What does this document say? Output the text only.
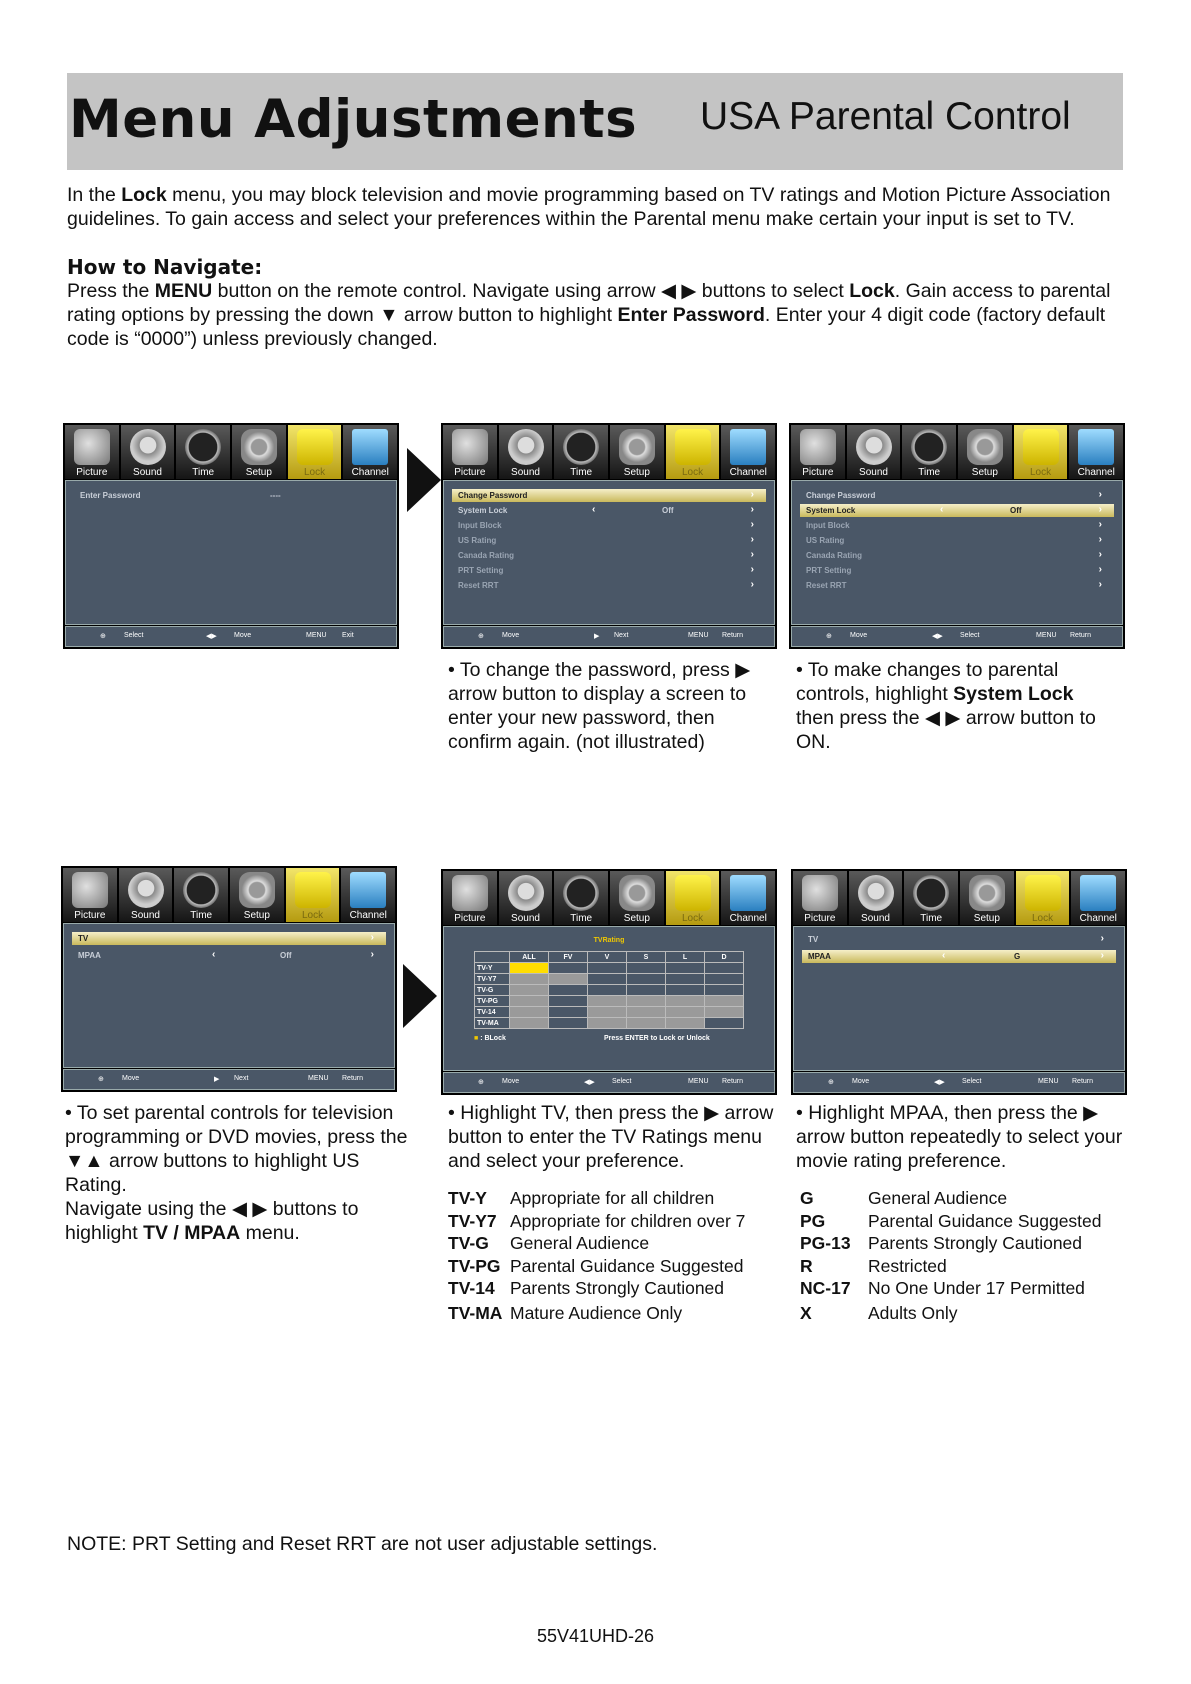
Menu Adjustments USA Parental Control
In the Lock menu, you may block television and movie programming based on TV ratings and Motion Picture Association guidelines. To gain access and select your preferences within the Parental menu make certain your input is set to TV.
How to Navigate:
Press the MENU button on the remote control. Navigate using arrow ◀ ▶ buttons to select Lock. Gain access to parental rating options by pressing the down ▼ arrow button to highlight Enter Password. Enter your 4 digit code (factory default code is “0000”) unless previously changed.
Picture	Sound	Time	Setup	Lock	Channel
Enter Password	----
⊕	Select	◀▶ Move	MENU Exit
Picture	Sound	Time	Setup	Lock	Channel
Change Password	›
System Lock	‹	Off	›
Input Block	›
US Rating	›
Canada Rating	›
PRT Setting	›
Reset RRT	›
⊕	Move	▶ Next	MENU Return
Picture	Sound	Time	Setup	Lock	Channel
Change Password	›
System Lock	‹	Off	›
Input Block	›
US Rating	›
Canada Rating	›
PRT Setting	›
Reset RRT	›
⊕	Move	◀▶ Select	MENU Return
• To change the password, press ▶ arrow button to display a screen to enter your new password, then confirm again. (not illustrated)
• To make changes to parental controls, highlight System Lock then press the ◀ ▶ arrow button to ON.
Picture	Sound	Time	Setup	Lock	Channel
TV	›
MPAA	‹	Off	›
⊕	Move	▶ Next	MENU Return
Picture	Sound	Time	Setup	Lock	Channel
TVRating
	ALL	FV	V	S	L	D
TV-Y						
TV-Y7						
TV-G						
TV-PG						
TV-14						
TV-MA						
■ : BLock	Press ENTER to Lock or Unlock
⊕	Move	◀▶ Select	MENU Return
Picture	Sound	Time	Setup	Lock	Channel
TV	›
MPAA	‹	G	›
⊕	Move	◀▶ Select	MENU Return
• To set parental controls for television programming or DVD movies, press the ▼▲ arrow buttons to highlight US Rating.
Navigate using the ◀ ▶ buttons to highlight TV / MPAA menu.
• Highlight TV, then press the ▶ arrow button to enter the TV Ratings menu and select your preference.
• Highlight MPAA, then press the ▶ arrow button repeatedly to select your movie rating preference.
TV-Y Appropriate for all children
TV-Y7 Appropriate for children over 7
TV-G General Audience
TV-PG Parental Guidance Suggested
TV-14 Parents Strongly Cautioned
TV-MA Mature Audience Only
G	General Audience
PG Parental Guidance Suggested
PG-13 Parents Strongly Cautioned
R	Restricted
NC-17 No One Under 17 Permitted
X	Adults Only
NOTE: PRT Setting and Reset RRT are not user adjustable settings.
55V41UHD-26
